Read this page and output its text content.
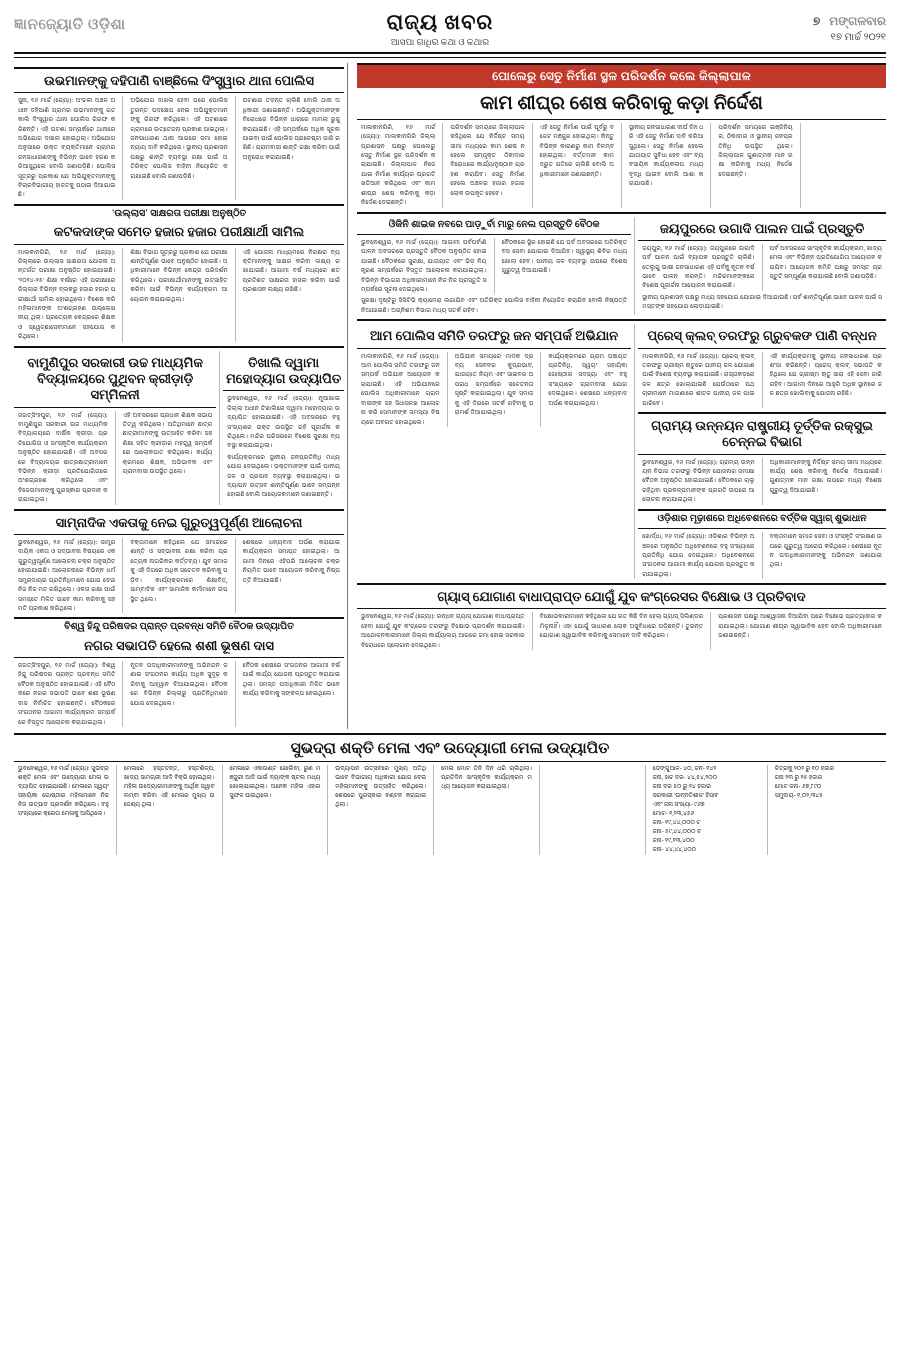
ଜ୍ଞାନଜ୍ୟୋତି ଓଡ଼ିଶା	ରାଜ୍ୟ ଖବର
ଆସପା ଗାଧିର କଥା ଓ କଥାର
୭ ମଙ୍ଗଳବାର
୧୭ ମାର୍ଚ୍ଚ ୨୦୨୧
ଉଭମାନଙ୍କୁ ଦହିପାଣି ବାଞ୍ଛିଲେ ଦିଂସ୍ତ୍ୱାର ଥାନା ପୋଲିସ
ସୁନା, ୧୬ ମାର୍ଚ୍ଚ (ଜ୍ୟୋ): ଅଂଚଳୀ ଅଞ୍ଚଳ ଅଧୀନ ଦହିପାଣି ଗ୍ରାମର ଉଭମାନଙ୍କୁ ଗତକାଲି ଦିଂସ୍ତ୍ୱାର ଥାନା ପୋଲିସ ଗିରଫ କରିଛନ୍ତି। ଏହି ଘଟଣା ସମ୍ପର୍କରେ ଥାନାରେ ଅଭିଯୋଗ ଦାଖଲ ହୋଇଥିଲା। ଅଭିଯୋଗ ଅନୁସାରେ ଉକ୍ତ ବ୍ୟକ୍ତିମାନେ ଗ୍ରାମର ଜନସାଧାରଣଙ୍କୁ ବିଭିନ୍ନ ଭାବେ ହରଣ କରିଆସୁଥିଲେ ବୋଲି ଜଣାପଡ଼ିଛି। ପୋଲିସ ସୂତ୍ରରୁ ପ୍ରକାଶ ଯେ ଅଭିଯୁକ୍ତମାନଙ୍କୁ ବିଚାରବିଭାଗୀୟ ହାଜତକୁ ପଠାଇ ଦିଆଯାଇଛି।
ଅଭିଯୋଗ ଦାଖଲ ହେବା ପରେ ପୋଲିସ ତୁରନ୍ତ ପଦକ୍ଷେପ ନେଇ ଅଭିଯୁକ୍ତମାନଙ୍କୁ ଗିରଫ କରିଥିଲେ। ଏହି ଘଟଣାରେ ଗ୍ରାମରେ ଉତ୍ତେଜନା ପ୍ରକାଶ ପାଇଥିଲା। ଜନସାଧାରଣ ଥାନା ଆଗରେ ଜମା ହୋଇ ନ୍ୟାୟ ଦାବି କରିଥିଲେ। ସ୍ଥାନୀୟ ପ୍ରଶାସନ ପକ୍ଷରୁ ଶାନ୍ତି ବ୍ୟବସ୍ଥା ରକ୍ଷା ପାଇଁ ଅତିରିକ୍ତ ପୋଲିସ ବାହିନୀ ନିୟୋଜିତ କରାଯାଇଛି ବୋଲି ଜଣାପଡ଼ିଛି।
ଘଟଣାର ତଦନ୍ତ ଚାଲିଛି ବୋଲି ଥାନା ଅଧିକାରୀ ଜଣାଇଛନ୍ତି। ଅଭିଯୁକ୍ତମାନଙ୍କ ବିରୋଧରେ ବିଭିନ୍ନ ଧାରାରେ ମାମଲା ରୁଜୁ କରାଯାଇଛି। ଏହି ସମ୍ପର୍କରେ ଅଧିକ ସୂଚନା ପାଇବା ପାଇଁ ପୋଲିସ ପ୍ରଚେଷ୍ଟା ଜାରି ରଖିଛି। ଗ୍ରାମବାସୀ ଶାନ୍ତି ରକ୍ଷା କରିବା ପାଇଁ ଅନୁରୋଧ କରାଯାଇଛି।
'ଉଲ୍ଲାସ' ସାକ୍ଷରତା ପରୀକ୍ଷା ଅନୁଷ୍ଠିତ
କଟକଦାଙ୍କ ସମେତ ହଜାର ହଜାର ପରୀକ୍ଷାର୍ଥୀ ସାମିଲ
ମାଲକାନଗିରି, ୧୬ ମାର୍ଚ୍ଚ (ଜ୍ୟୋ): ଜିଲ୍ଲାରେ ଉଲ୍ଲାସ ସାକ୍ଷରତା ଯୋଜନା ଅନ୍ତର୍ଗତ ପରୀକ୍ଷା ଅନୁଷ୍ଠିତ ହୋଇଯାଇଛି। '୨୦୨୪-୨୫' ଶିକ୍ଷା ବର୍ଷରେ ଏହି ପରୀକ୍ଷାରେ ଜିଲ୍ଲାର ବିଭିନ୍ନ ବ୍ଲକରୁ ହଜାର ହଜାର ପରୀକ୍ଷାର୍ଥୀ ସାମିଲ ହୋଇଥିଲେ। ବିଶେଷ କରି ମହିଳାମାନଙ୍କ ଅଂଶଗ୍ରହଣ ଉଲ୍ଲେଖନୀୟ ଥିଲା। ପ୍ରତ୍ୟେକ କେନ୍ଦ୍ରରେ ଶିକ୍ଷକ ଓ ସ୍ୱେଚ୍ଛାସେବୀମାନେ ସହଯୋଗ କରିଥିଲେ।
ଶିକ୍ଷା ବିଭାଗ ସୂତ୍ରରୁ ପ୍ରକାଶ ଯେ ପରୀକ୍ଷା ଶାନ୍ତିପୂର୍ଣ୍ଣ ଭାବେ ଅନୁଷ୍ଠିତ ହୋଇଛି। ଅଧିକାରୀମାନେ ବିଭିନ୍ନ କେନ୍ଦ୍ର ପରିଦର୍ଶନ କରିଥିଲେ। ପରୀକ୍ଷାର୍ଥୀମାନଙ୍କୁ ଉତ୍ସାହିତ କରିବା ପାଇଁ ବିଭିନ୍ନ କାର୍ଯ୍ୟକ୍ରମ ଆୟୋଜନ କରାଯାଇଥିଲା।
ଏହି ଯୋଜନା ମାଧ୍ୟମରେ ନିରକ୍ଷର ବ୍ୟକ୍ତିମାନଙ୍କୁ ସାକ୍ଷର କରିବା ଲକ୍ଷ୍ୟ ରଖାଯାଇଛି। ଆଗାମୀ ବର୍ଷ ମଧ୍ୟରେ ଶତ ପ୍ରତିଶତ ସାକ୍ଷରତା ହାସଲ କରିବା ପାଇଁ ପ୍ରଶାସନ ଲକ୍ଷ୍ୟ ରଖିଛି।
ବାମୁଣିପୁର ସରକାରୀ ଉଚ୍ଚ ମାଧ୍ୟମିକ ବିଦ୍ୟାଳୟରେ ପୁଥିବନ କ୍ରୀଡ଼ାଡ଼ି ସମ୍ମିଳନୀ
ଜଗତ୍ସିଂହପୁର, ୧୬ ମାର୍ଚ୍ଚ (ଜ୍ୟୋ): ବାମୁଣିପୁର ସରକାରୀ ଉଚ୍ଚ ମାଧ୍ୟମିକ ବିଦ୍ୟାଳୟରେ ବାର୍ଷିକ କ୍ରୀଡ଼ା ପ୍ରତିଯୋଗିତା ଓ ସାଂସ୍କୃତିକ କାର୍ଯ୍ୟକ୍ରମ ଅନୁଷ୍ଠିତ ହୋଇଯାଇଛି। ଏହି ଅବସରରେ ବିଦ୍ୟାଳୟର ଛାତ୍ରଛାତ୍ରୀମାନେ ବିଭିନ୍ନ କ୍ରୀଡ଼ା ପ୍ରତିଯୋଗିତାରେ ଅଂଶଗ୍ରହଣ କରିଥିଲେ ଏବଂ ବିଜେତାମାନଙ୍କୁ ପୁରସ୍କାର ପ୍ରଦାନ କରାଯାଇଥିଲା।
ଏହି ଅବସରରେ ପ୍ରଧାନ ଶିକ୍ଷକ ସଭାପତିତ୍ୱ କରିଥିଲେ। ଅତିଥିମାନେ ଛାତ୍ରଛାତ୍ରୀମାନଙ୍କୁ ଉତ୍ସାହିତ କରିବା ସହ ଶିକ୍ଷା ସହିତ କ୍ରୀଡ଼ାର ମହତ୍ତ୍ୱ ସମ୍ପର୍କରେ ଆଲୋକପାତ କରିଥିଲେ। କାର୍ଯ୍ୟକ୍ରମରେ ଶିକ୍ଷକ, ଅଭିଭାବକ ଏବଂ ଗ୍ରାମବାସୀ ଉପସ୍ଥିତ ଥିଲେ।
ତିଖାଲି ଦ୍ୱାମା ମହୋଦ୍ୟାଗ ଉଦ୍ୟାପିତ
ଭୁବନେଶ୍ୱର, ୧୬ ମାର୍ଚ୍ଚ (ଜ୍ୟୋ): ନୂଆଖାଇ ଜିଲ୍ଲା ଅଧୀନ ତିଖାଲିରେ ଦ୍ୱାମା ମହୋଦ୍ୟାଗ ଉଦ୍ୟାପିତ ହୋଇଯାଇଛି। ଏହି ଅବସରରେ ବହୁ ସଂଖ୍ୟାରେ ଭକ୍ତ ଉପସ୍ଥିତ ରହି ପୂଜାର୍ଚ୍ଚନା କରିଥିଲେ। ମନ୍ଦିର ପରିସରରେ ବିଶେଷ ସୁରକ୍ଷା ବ୍ୟବସ୍ଥା କରାଯାଇଥିଲା।
କାର୍ଯ୍ୟକ୍ରମରେ ସ୍ଥାନୀୟ ଜନପ୍ରତିନିଧି ମଧ୍ୟ ଯୋଗ ଦେଇଥିଲେ। ଭକ୍ତମାନଙ୍କ ପାଇଁ ପାନୀୟ ଜଳ ଓ ପ୍ରସାଦ ବ୍ୟବସ୍ଥା କରାଯାଇଥିଲା। ଉଦ୍ୟାପନ ଉତ୍ସବ ଶାନ୍ତିପୂର୍ଣ୍ଣ ଭାବେ ସମ୍ପନ୍ନ ହୋଇଛି ବୋଲି ଆୟୋଜକମାନେ ଜଣାଇଛନ୍ତି।
ସାମ୍ନାଦିକ ଏକତାକୁ ନେଇ ଗୁରୁତ୍ୱପୂର୍ଣ୍ଣ ଆଲୋଚନା
ଭୁବନେଶ୍ୱର, ୧୬ ମାର୍ଚ୍ଚ (ଜ୍ୟୋ): ସାମ୍ପ୍ରଦାୟିକ ଏକତା ଓ ସଦ୍ଭାବନା ବିଷୟରେ ଏକ ଗୁରୁତ୍ୱପୂର୍ଣ୍ଣ ଆଲୋଚନା ଚକ୍ର ଅନୁଷ୍ଠିତ ହୋଇଯାଇଛି। ଆଲୋଚନାରେ ବିଭିନ୍ନ ଧର୍ମ ସମ୍ପ୍ରଦାୟର ପ୍ରତିନିଧିମାନେ ଯୋଗ ଦେଇ ନିଜ ନିଜ ମତ ରଖିଥିଲେ। ଏକତା ରକ୍ଷା ପାଇଁ ସମସ୍ତେ ମିଳିତ ଭାବେ କାମ କରିବାକୁ ସହମତି ପ୍ରକାଶ କରିଥିଲେ।
ବକ୍ତାମାନେ କହିଥିଲେ ଯେ ସମାଜରେ ଶାନ୍ତି ଓ ସଦ୍ଭାବନା ରକ୍ଷା କରିବା ପ୍ରତ୍ୟେକ ନାଗରିକର କର୍ତ୍ତବ୍ୟ। ଯୁବ ସମାଜକୁ ଏହି ଦିଗରେ ଅଧିକ ସଚେତନ କରିବାକୁ ପଡ଼ିବ। କାର୍ଯ୍ୟକ୍ରମରେ ଶିକ୍ଷାବିତ୍, ସାମ୍ବାଦିକ ଏବଂ ସାମାଜିକ କର୍ମୀମାନେ ଉପସ୍ଥିତ ଥିଲେ।
ଶେଷରେ ଧନ୍ୟବାଦ ଅର୍ପଣ କରାଯାଇ କାର୍ଯ୍ୟକ୍ରମ ସମାପ୍ତ ହୋଇଥିଲା। ଆଗାମୀ ଦିନରେ ଏହିପରି ଆଲୋଚନା ଚକ୍ର ନିୟମିତ ଭାବେ ଆୟୋଜନ କରିବାକୁ ନିଷ୍ପତ୍ତି ନିଆଯାଇଛି।
ବିଶ୍ୱ ହିନ୍ଦୁ ପରିଷଦର ପ୍ରାନ୍ତ ପ୍ରବନ୍ଧ ସମିତି ବୈଠକ ଉଦ୍ୟାପିତ
ନଗର ସଭାପତି ହେଲେ ଶଶୀ ଭୂଷଣ ଦାସ
ଜଗତ୍ସିଂହପୁର, ୧୬ ମାର୍ଚ୍ଚ (ଜ୍ୟୋ): ବିଶ୍ୱ ହିନ୍ଦୁ ପରିଷଦର ପ୍ରାନ୍ତ ପ୍ରବନ୍ଧ ସମିତି ବୈଠକ ଅନୁଷ୍ଠିତ ହୋଇଯାଇଛି। ଏହି ବୈଠକରେ ନଗର ସଭାପତି ଭାବେ ଶଶୀ ଭୂଷଣ ଦାସ ନିର୍ବାଚିତ ହୋଇଛନ୍ତି। ବୈଠକରେ ସଂଗଠନର ଆଗାମୀ କାର୍ଯ୍ୟକ୍ରମ ସମ୍ପର୍କରେ ବିସ୍ତୃତ ଆଲୋଚନା କରାଯାଇଥିଲା।
ନୂତନ ପଦାଧିକାରୀମାନଙ୍କୁ ଅଭିନନ୍ଦନ ଜଣାଇ ସଂଗଠନର କାର୍ଯ୍ୟ ଅଧିକ ସୁଦୃଢ଼ କରିବାକୁ ଆହ୍ୱାନ ଦିଆଯାଇଥିଲା। ବୈଠକରେ ବିଭିନ୍ନ ଜିଲ୍ଲାରୁ ପ୍ରତିନିଧିମାନେ ଯୋଗ ଦେଇଥିଲେ।
ବୈଠକ ଶେଷରେ ସଂଗଠନର ଆଗାମୀ ବର୍ଷ ପାଇଁ କାର୍ଯ୍ୟ ଯୋଜନା ପ୍ରସ୍ତୁତ କରାଯାଇଥିଲା। ସମସ୍ତ ପଦାଧିକାରୀ ମିଳିତ ଭାବେ କାର୍ଯ୍ୟ କରିବାକୁ ସଙ୍କଳ୍ପ ନେଇଥିଲେ।
ପୋଲେରୁ ସେତୁ ନିର୍ମାଣ ସ୍ଥଳ ପରିଦର୍ଶନ କଲେ ଜିଲ୍ଲାପାଳ
କାମ ଶୀଘ୍ର ଶେଷ କରିବାକୁ କଡ଼ା ନିର୍ଦ୍ଦେଶ
ମାଲକାନଗିରି, ୧୬ ମାର୍ଚ୍ଚ (ଜ୍ୟୋ): ମାଲକାନଗିରି ଜିଲ୍ଲା ପ୍ରଶାସନ ପକ୍ଷରୁ ପୋଲେରୁ ସେତୁ ନିର୍ମାଣ ସ୍ଥଳ ପରିଦର୍ଶନ କରାଯାଇଛି। ଜିଲ୍ଲାପାଳ ନିଜେ ଯାଇ ନିର୍ମାଣ କାର୍ଯ୍ୟର ପ୍ରଗତି ଖତିଆନ କରିଥିଲେ ଏବଂ କାମ ଶୀଘ୍ର ଶେଷ କରିବାକୁ କଡ଼ା ନିର୍ଦ୍ଦେଶ ଦେଇଛନ୍ତି।
ପରିଦର୍ଶନ ସମୟରେ ଜିଲ୍ଲାପାଳ କହିଥିଲେ ଯେ ନିର୍ଦ୍ଦିଷ୍ଟ ସମୟ ସୀମା ମଧ୍ୟରେ କାମ ଶେଷ ନ ହେଲେ ସମ୍ପୃକ୍ତ ଠିକାଦାର ବିରୋଧରେ କାର୍ଯ୍ୟାନୁଷ୍ଠାନ ଗ୍ରହଣ କରାଯିବ। ସେତୁ ନିର୍ମାଣ ହେଲେ ଅଞ୍ଚଳର ହଜାର ହଜାର ଲୋକ ଉପକୃତ ହେବେ।
ଏହି ସେତୁ ନିର୍ମାଣ ପାଇଁ ପୂର୍ବରୁ ବଜେଟ ମଞ୍ଜୁର ହୋଇଥିଲା। କିନ୍ତୁ ବିଭିନ୍ନ କାରଣରୁ କାମ ବିଳମ୍ବ ହୋଇଥିଲା। ବର୍ତ୍ତମାନ କାମ ଦ୍ରୁତ ଗତିରେ ଚାଲିଛି ବୋଲି ଅଧିକାରୀମାନେ ଜଣାଇଛନ୍ତି।
ସ୍ଥାନୀୟ ଜନସାଧାରଣ ଦୀର୍ଘ ଦିନ ଧରି ଏହି ସେତୁ ନିର୍ମାଣ ଦାବି କରିଆସୁଥିଲେ। ସେତୁ ନିର୍ମାଣ ହେଲେ ଯାତାୟାତ ସୁବିଧା ହେବ ଏବଂ ବ୍ୟବସାୟିକ କାର୍ଯ୍ୟକଳାପ ମଧ୍ୟ ବୃଦ୍ଧି ପାଇବ ବୋଲି ଆଶା କରାଯାଉଛି।
ପରିଦର୍ଶନ ସମୟରେ ଇଞ୍ଜିନିୟର, ଠିକାଦାର ଓ ସ୍ଥାନୀୟ ଜନପ୍ରତିନିଧି ଉପସ୍ଥିତ ଥିଲେ। ଜିଲ୍ଲାପାଳ ଗୁଣାତ୍ମକ ମାନ ରକ୍ଷା କରିବାକୁ ମଧ୍ୟ ନିର୍ଦ୍ଦେଶ ଦେଇଛନ୍ତି।
ଓିକିନି ଶାଇକ ନବରେ ପାଡ଼ୁର୍ବା ମାରୁ ନେଲ ପ୍ରସ୍ତୁତି ବୈଠକ
ଭୁବନେଶ୍ୱର, ୧୬ ମାର୍ଚ୍ଚ (ଜ୍ୟୋ): ଆଗାମୀ ପର୍ବପର୍ବାଣି ପାଳନ ଅବସରରେ ପ୍ରସ୍ତୁତି ବୈଠକ ଅନୁଷ୍ଠିତ ହୋଇଯାଇଛି। ବୈଠକରେ ସୁରକ୍ଷା, ଯାତାୟାତ ଏବଂ ଭିଡ଼ ନିୟନ୍ତ୍ରଣ ସମ୍ପର୍କରେ ବିସ୍ତୃତ ଆଲୋଚନା କରାଯାଇଥିଲା। ବିଭିନ୍ନ ବିଭାଗର ଅଧିକାରୀମାନେ ନିଜ ନିଜ ପ୍ରସ୍ତୁତି ସମ୍ପର୍କରେ ସୂଚନା ଦେଇଥିଲେ।
ବୈଠକରେ ସ୍ଥିର ହୋଇଛି ଯେ ପର୍ବ ଅବସରରେ ଅତିରିକ୍ତ ବସ ସେବା ଯୋଗାଇ ଦିଆଯିବ। ସ୍ୱାସ୍ଥ୍ୟ ଶିବିର ମଧ୍ୟ ଖୋଲା ହେବ। ପାନୀୟ ଜଳ ବ୍ୟବସ୍ଥା ଉପରେ ବିଶେଷ ଗୁରୁତ୍ୱ ଦିଆଯାଇଛି।
ସୁରକ୍ଷା ଦୃଷ୍ଟିରୁ ସିସିଟିଭି କ୍ୟାମେରା ଲଗାଯିବ ଏବଂ ଅତିରିକ୍ତ ପୋଲିସ ବାହିନୀ ନିୟୋଜିତ କରାଯିବ ବୋଲି ନିଷ୍ପତ୍ତି ନିଆଯାଇଛି। ଅଗ୍ନିଶମ ବିଭାଗ ମଧ୍ୟ ସତର୍କ ରହିବ।
ଜୟପୁରରେ ଉଗାଦି ପାଲନ ପାଇଁ ପ୍ରସ୍ତୁତି
ଜୟପୁର, ୧୬ ମାର୍ଚ୍ଚ (ଜ୍ୟୋ): ଜୟପୁରରେ ଉଗାଦି ପର୍ବ ପାଳନ ପାଇଁ ବ୍ୟାପକ ପ୍ରସ୍ତୁତି ଚାଲିଛି। ତେଲୁଗୁ ଭାଷୀ ଜନସାଧାରଣ ଏହି ପର୍ବକୁ ନୂତନ ବର୍ଷ ଭାବେ ପାଳନ କରନ୍ତି। ମନ୍ଦିରମାନଙ୍କରେ ବିଶେଷ ପୂଜାର୍ଚ୍ଚନା ଆୟୋଜନ କରାଯାଇଛି।
ପର୍ବ ଅବସରରେ ସାଂସ୍କୃତିକ କାର୍ଯ୍ୟକ୍ରମ, ଖାଦ୍ୟ ମେଳା ଏବଂ ବିଭିନ୍ନ ପ୍ରତିଯୋଗିତା ଆୟୋଜନ କରାଯିବ। ଆୟୋଜକ କମିଟି ପକ୍ଷରୁ ସମସ୍ତ ପ୍ରସ୍ତୁତି ସମ୍ପୂର୍ଣ୍ଣ କରାଯାଇଛି ବୋଲି ଜଣାପଡ଼ିଛି।
ସ୍ଥାନୀୟ ପ୍ରଶାସନ ପକ୍ଷରୁ ମଧ୍ୟ ସହଯୋଗ ଯୋଗାଇ ଦିଆଯାଉଛି। ପର୍ବ ଶାନ୍ତିପୂର୍ଣ୍ଣ ଭାବେ ପାଳନ ପାଇଁ ସମସ୍ତଙ୍କ ସହଯୋଗ ଲୋଡ଼ାଯାଇଛି।
ଆମ ପୋଲିସ ସମିତି ତରଫରୁ ଜନ ସମ୍ପର୍କ ଅଭିଯାନ
ମାଲକାନଗିରି, ୧୬ ମାର୍ଚ୍ଚ (ଜ୍ୟୋ): ଆମ ପୋଲିସ ସମିତି ତରଫରୁ ଜନ ସମ୍ପର୍କ ଅଭିଯାନ ଆୟୋଜନ କରାଯାଇଛି। ଏହି ଅଭିଯାନରେ ପୋଲିସ ଅଧିକାରୀମାନେ ଗ୍ରାମବାସୀଙ୍କ ସହ ସିଧାସଳଖ ଆଲୋଚନା କରି ସେମାନଙ୍କ ସମସ୍ୟା ବିଷୟରେ ଅବଗତ ହୋଇଥିଲେ।
ଅଭିଯାନ ସମୟରେ ମାଦକ ଦ୍ରବ୍ୟ ସେବନର କୁପ୍ରଭାବ, ଯାତାୟାତ ନିୟମ ଏବଂ ସାଇବର ଅପରାଧ ସମ୍ପର୍କରେ ସଚେତନତା ସୃଷ୍ଟି କରାଯାଇଥିଲା। ଯୁବ ସମାଜକୁ ଏହି ଦିଗରେ ସତର୍କ ରହିବାକୁ ପରାମର୍ଶ ଦିଆଯାଇଥିଲା।
କାର୍ଯ୍ୟକ୍ରମରେ ଗ୍ରାମ ପଞ୍ଚାୟତ ପ୍ରତିନିଧି, ସ୍ୱୟଂ ସହାୟିକା ଗୋଷ୍ଠୀର ସଦସ୍ୟା ଏବଂ ବହୁ ସଂଖ୍ୟାରେ ଗ୍ରାମବାସୀ ଯୋଗ ଦେଇଥିଲେ। ଶେଷରେ ଧନ୍ୟବାଦ ଅର୍ପଣ କରାଯାଇଥିଲା।
ପ୍ରେସ୍ କ୍ଲବ୍ ତରଫରୁ ଗ୍ରୁବକଙ ପାଣି ବନ୍ଧନ
ମାଲକାନଗିରି, ୧୬ ମାର୍ଚ୍ଚ (ଜ୍ୟୋ): ପ୍ରେସ୍ କ୍ଲବ୍ ତରଫରୁ ଗ୍ରୀଷ୍ମ ଋତୁରେ ପାନୀୟ ଜଳ ଯୋଗାଣ ପାଇଁ ବିଶେଷ ବ୍ୟବସ୍ଥା କରାଯାଇଛି। ରାସ୍ତାକଡ଼ରେ ଜଳ ଛତ୍ର ଖୋଲାଯାଇଛି ଯେଉଁଠାରେ ପଥଚାରୀମାନେ ମାଗଣାରେ ଶୀତଳ ପାନୀୟ ଜଳ ପାଇପାରିବେ।
ଏହି କାର୍ଯ୍ୟକ୍ରମକୁ ସ୍ଥାନୀୟ ଜନସାଧାରଣ ପ୍ରଶଂସା କରିଛନ୍ତି। ପ୍ରେସ୍ କ୍ଲବ୍ ସଭାପତି କହିଥିଲେ ଯେ ଗ୍ରୀଷ୍ମ ଋତୁ ସାରା ଏହି ସେବା ଜାରି ରହିବ। ଆଗାମୀ ଦିନରେ ଆହୁରି ଅଧିକ ସ୍ଥାନରେ ଜଳ ଛତ୍ର ଖୋଲିବାକୁ ଯୋଜନା ରହିଛି।
ଗ୍ରାମ୍ୟ ଉନ୍ନୟନ ରାଷ୍ଟ୍ରୀୟ ତୂର୍ତ୍ତିକ ରକ୍ସୁଇ ଚେନ୍ନଇ ବିଭାଗ
ଭୁବନେଶ୍ୱର, ୧୬ ମାର୍ଚ୍ଚ (ଜ୍ୟୋ): ଗ୍ରାମ୍ୟ ଉନ୍ନୟନ ବିଭାଗ ତରଫରୁ ବିଭିନ୍ନ ଯୋଜନାର ସମୀକ୍ଷା ବୈଠକ ଅନୁଷ୍ଠିତ ହୋଇଯାଇଛି। ବୈଠକରେ ଚାଲୁ ରହିଥିବା ପ୍ରକଳ୍ପମାନଙ୍କ ପ୍ରଗତି ଉପରେ ଆଲୋଚନା କରାଯାଇଥିଲା।
ଅଧିକାରୀମାନଙ୍କୁ ନିର୍ଦ୍ଦିଷ୍ଟ ସମୟ ସୀମା ମଧ୍ୟରେ କାର୍ଯ୍ୟ ଶେଷ କରିବାକୁ ନିର୍ଦ୍ଦେଶ ଦିଆଯାଇଛି। ଗୁଣାତ୍ମକ ମାନ ରକ୍ଷା ଉପରେ ମଧ୍ୟ ବିଶେଷ ଗୁରୁତ୍ୱ ଦିଆଯାଇଛି।
ଓଡ଼ିଶାର ମୂଢ଼ାଶରେ ଅଧିବେଶନରେ ବର୍ତ୍ତିକ ସ୍ୱାଗ୍ ଶୁଭାଧାନ
ଖୋର୍ଦ୍ଧା, ୧୬ ମାର୍ଚ୍ଚ (ଜ୍ୟୋ): ଓଡ଼ିଶାର ବିଭିନ୍ନ ଅଞ୍ଚଳରେ ଅନୁଷ୍ଠିତ ଅଧିବେଶନରେ ବହୁ ସଂଖ୍ୟାରେ ପ୍ରତିନିଧି ଯୋଗ ଦେଇଥିଲେ। ଅଧିବେଶନରେ ସଂଗଠନର ଆଗାମୀ କାର୍ଯ୍ୟ ଯୋଜନା ପ୍ରସ୍ତୁତ କରାଯାଇଥିଲା।
ବକ୍ତାମାନେ ସମାଜ ସେବା ଓ ସଂସ୍କୃତି ସଂରକ୍ଷଣ ଉପରେ ଗୁରୁତ୍ୱ ଆରୋପ କରିଥିଲେ। ଶେଷରେ ନୂତନ ପଦାଧିକାରୀମାନଙ୍କୁ ଅଭିନନ୍ଦନ ଜଣାଯାଇଥିଲା।
ଗ୍ୟାସ୍ ଯୋଗାଣ ବାଧାପ୍ରାପ୍ତ ଯୋଗୁଁ ଯୁବ କଂଗ୍ରେସର ବିକ୍ଷୋଭ ଓ ପ୍ରତିବାଦ
ଭୁବନେଶ୍ୱର, ୧୬ ମାର୍ଚ୍ଚ (ଜ୍ୟୋ): ରନ୍ଧନ ଗ୍ୟାସ୍ ଯୋଗାଣ ବାଧାପ୍ରାପ୍ତ ହେବା ଯୋଗୁଁ ଯୁବ କଂଗ୍ରେସ ତରଫରୁ ବିକ୍ଷୋଭ ପ୍ରଦର୍ଶନ କରାଯାଇଛି। ଆନ୍ଦୋଳନକାରୀମାନେ ଜିଲ୍ଲା କାର୍ଯ୍ୟାଲୟ ଆଗରେ ଜମା ହୋଇ ସରକାର ବିରୋଧରେ ସ୍ଲୋଗାନ ଦେଇଥିଲେ।
ବିକ୍ଷୋଭକାରୀମାନେ କହିଥିଲେ ଯେ ଗତ କିଛି ଦିନ ହେଲା ଗ୍ୟାସ୍ ସିଲିଣ୍ଡର ମିଳୁନାହିଁ। ଏହା ଯୋଗୁଁ ସାଧାରଣ ଲୋକ ଅସୁବିଧାରେ ପଡ଼ିଛନ୍ତି। ତୁରନ୍ତ ଯୋଗାଣ ସ୍ୱାଭାବିକ କରିବାକୁ ସେମାନେ ଦାବି କରିଥିଲେ।
ପ୍ରଶାସନ ପକ୍ଷରୁ ଆଶ୍ୱାସନା ଦିଆଯିବା ପରେ ବିକ୍ଷୋଭ ପ୍ରତ୍ୟାହାର କରାଯାଇଥିଲା। ଯୋଗାଣ ଶୀଘ୍ର ସ୍ୱାଭାବିକ ହେବ ବୋଲି ଅଧିକାରୀମାନେ ଜଣାଇଛନ୍ତି।
ସୁଭଦ୍ରା ଶକ୍ତି ମେଳା ଏବଂ ଉଦ୍ୟୋଗୀ ମେଳା ଉଦ୍ୟାପିତ
ଭୁବନେଶ୍ୱର, ୧୬ ମାର୍ଚ୍ଚ (ଜ୍ୟୋ): ସୁଭଦ୍ରା ଶକ୍ତି ମେଳା ଏବଂ ଉଦ୍ୟୋଗୀ ମେଳା ଉଦ୍ୟାପିତ ହୋଇଯାଇଛି। ମେଳାରେ ସ୍ୱୟଂ ସହାୟିକା ଗୋଷ୍ଠୀର ମହିଳାମାନେ ନିଜ ନିଜ ଉତ୍ପାଦ ପ୍ରଦର୍ଶନ କରିଥିଲେ। ବହୁ ସଂଖ୍ୟାରେ କ୍ରେତା ମେଳାକୁ ଆସିଥିଲେ।
ମେଳାରେ ହସ୍ତତନ୍ତ, ହସ୍ତଶିଳ୍ପ, ଖାଦ୍ୟ ସାମଗ୍ରୀ ଆଦି ବିକ୍ରି ହୋଇଥିଲା। ମହିଳା ଉଦ୍ୟୋଗୀମାନଙ୍କୁ ଆର୍ଥିକ ସ୍ୱାବଲମ୍ବୀ କରିବା ଏହି ମେଳାର ମୁଖ୍ୟ ଉଦ୍ଦେଶ୍ୟ ଥିଲା।
ମେଳାରେ ଏକାଉଣ୍ଟ ଖୋଲିବା, ରୁଣ ମଞ୍ଜୁରୀ ଆଦି ପାଇଁ ବ୍ୟାଙ୍କ ଷ୍ଟଲ ମଧ୍ୟ ଖୋଲାଯାଇଥିଲା। ଅନେକ ମହିଳା ଏହାର ସୁଫଳ ପାଇଥିଲେ।
ଉଦ୍ୟାପନ ଉତ୍ସବରେ ମୁଖ୍ୟ ଅତିଥି ଭାବେ ବିଭାଗୀୟ ଅଧିକାରୀ ଯୋଗ ଦେଇ ମହିଳାମାନଙ୍କୁ ଉତ୍ସାହିତ କରିଥିଲେ। ଶେଷରେ ପୁରସ୍କାର ବଣ୍ଟନ କରାଯାଇଥିଲା।
ମେଳା ମୋଟ ତିନି ଦିନ ଧରି ଚାଲିଥିଲା। ପ୍ରତିଦିନ ସାଂସ୍କୃତିକ କାର୍ଯ୍ୟକ୍ରମ ମଧ୍ୟ ଆୟୋଜନ କରାଯାଇଥିଲା।
ଡେଙ୍ଗୁଆଳ- ୪୦, ଜନ- ୧୪୨
ଜନା, ଖଚ ଦର- ୪୪,୫୪,୨୦୦
ଜନା ଦର ୫୦ ରୁ ୨୪ ହଜାର
ସରକାରୀ 'ଉନ୍ନତିଶୀଳ' ହିସାବ
ଏବଂ ଜନା ସଂଖ୍ୟା- ୯୬୭
ମୋଟ- ୧,୨୩,୪୫୬
ଜନା- ୧୯,୪୪,୦୦୦ ଟ
ଜନା- ୫୯,୪୪,୦୦୦ ଟ
ଜନା- ୧୯,୧୩,୪୦୦
ଜନା- ୪୪,୪୪,୪୦୦
ଚିତ୍ରକୁ ୨୦୨ ରୁ ୧୦ ହଜାର
ଜନା ୨୩ ରୁ ୨୫ ହଜାର
ମୋଟ ଜନା- ୬୭,୮୯୦
ସମୁଦାୟ- ୧,୦୨,୩୪୫
